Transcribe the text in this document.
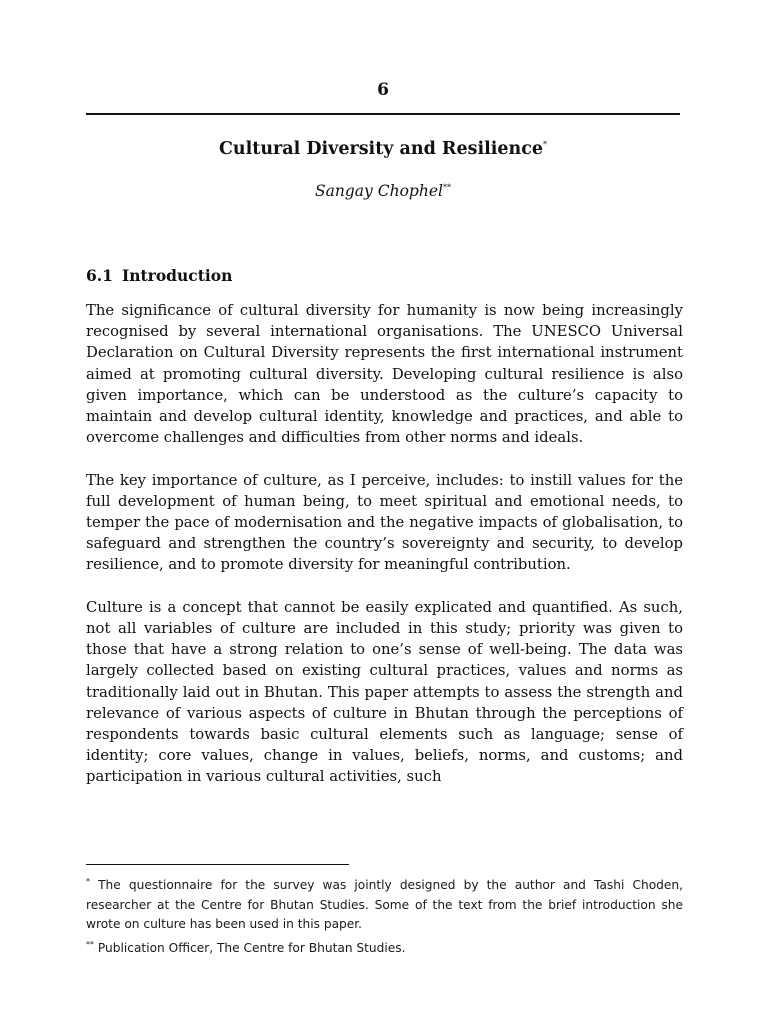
6
Cultural Diversity and Resilience*
Sangay Chophel**
6.1 Introduction

The significance of cultural diversity for humanity is now being increasingly recognised by several international organisations. The UNESCO Universal Declaration on Cultural Diversity represents the first international instrument aimed at promoting cultural diversity. Developing cultural resilience is also given importance, which can be understood as the culture’s capacity to maintain and develop cultural identity, knowledge and practices, and able to overcome challenges and difficulties from other norms and ideals.

The key importance of culture, as I perceive, includes: to instill values for the full development of human being, to meet spiritual and emotional needs, to temper the pace of modernisation and the negative impacts of globalisation, to safeguard and strengthen the country’s sovereignty and security, to develop resilience, and to promote diversity for meaningful contribution.

Culture is a concept that cannot be easily explicated and quantified. As such, not all variables of culture are included in this study; priority was given to those that have a strong relation to one’s sense of well-being. The data was largely collected based on existing cultural practices, values and norms as traditionally laid out in Bhutan. This paper attempts to assess the strength and relevance of various aspects of culture in Bhutan through the perceptions of respondents towards basic cultural elements such as language; sense of identity; core values, change in values, beliefs, norms, and customs; and participation in various cultural activities, such

* The questionnaire for the survey was jointly designed by the author and Tashi Choden, researcher at the Centre for Bhutan Studies. Some of the text from the brief introduction she wrote on culture has been used in this paper.

** Publication Officer, The Centre for Bhutan Studies.
